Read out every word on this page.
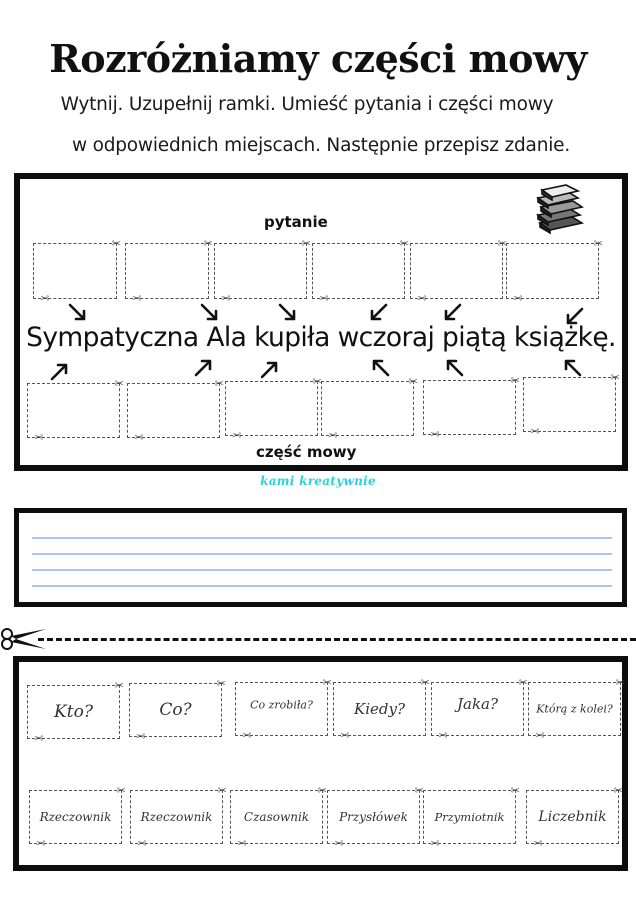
Rozróżniamy części mowy
Wytnij. Uzupełnij ramki. Umieść pytania i części mowy
w odpowiednich miejscach. Następnie przepisz zdanie.
pytanie
✂
✂
✂
✂
✂
✂
✂
✂
✂
✂
✂
✂
Sympatyczna Ala kupiła wczoraj piątą książkę.
✂
✂
✂
✂
✂
✂
✂
✂
✂
✂
✂
✂
część mowy
kami kreatywnie
✂
✂
Kto?
✂
✂
Co?
✂
✂
Co zrobiła?
✂
✂
Kiedy?
✂
✂
Jaka?
✂
✂
Którą z kolei?
✂
✂
Rzeczownik
✂
✂
Rzeczownik
✂
✂
Czasownik
✂
✂
Przysłówek
✂
✂
Przymiotnik
✂
✂
Liczebnik
